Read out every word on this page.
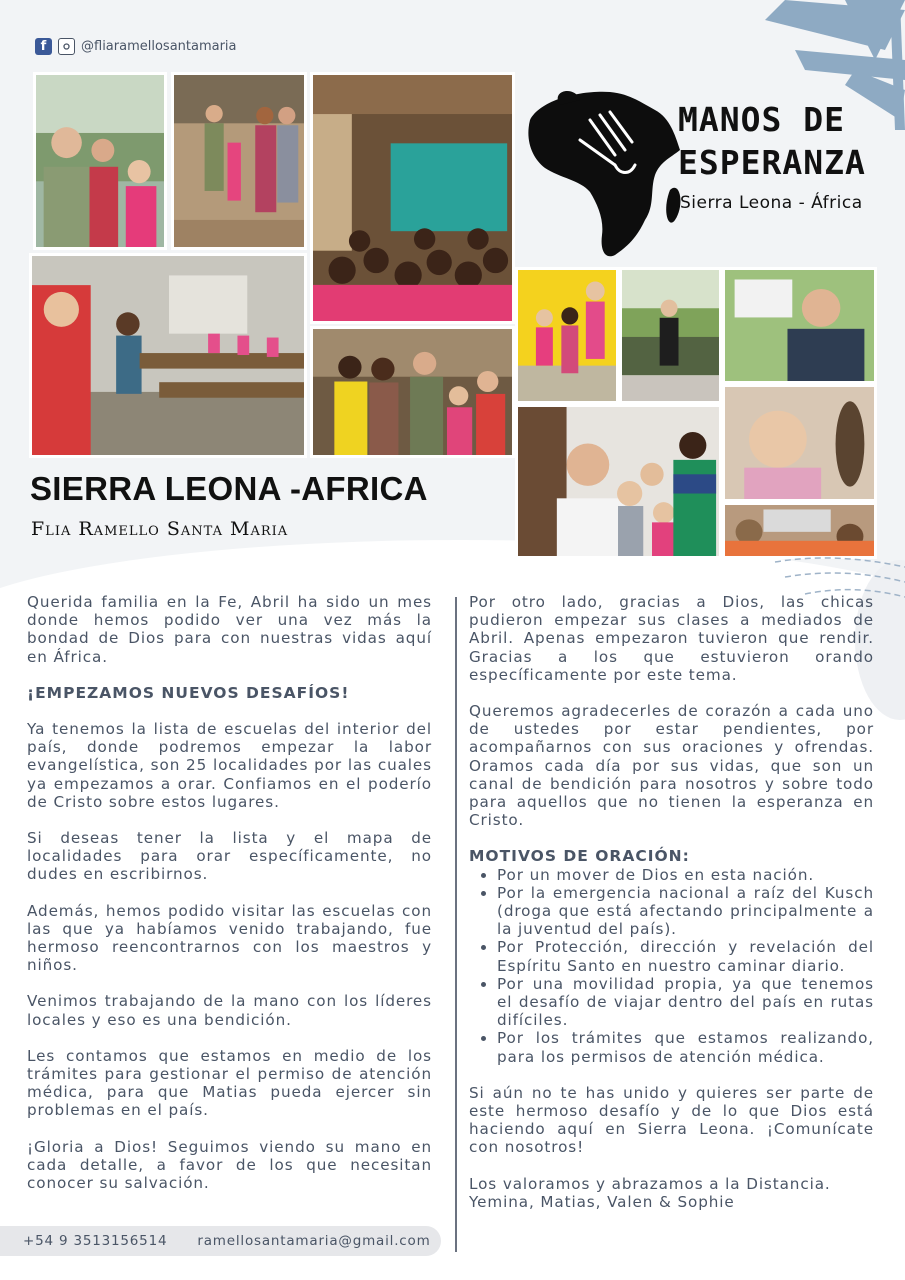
f	@fliaramellosantamaria
MANOS DE
ESPERANZA
Sierra Leona - África
SIERRA LEONA -AFRICA
Flia Ramello Santa Maria

Querida familia en la Fe, Abril ha sido un mes donde hemos podido ver una vez más la bondad de Dios para con nuestras vidas aquí en África.

¡EMPEZAMOS NUEVOS DESAFÍOS!

Ya tenemos la lista de escuelas del interior del país, donde podremos empezar la labor evangelística, son 25 localidades por las cuales ya empezamos a orar. Confiamos en el poderío de Cristo sobre estos lugares.

Si deseas tener la lista y el mapa de localidades para orar específicamente, no dudes en escribirnos.

Además, hemos podido visitar las escuelas con las que ya habíamos venido trabajando, fue hermoso reencontrarnos con los maestros y niños.

Venimos trabajando de la mano con los líderes locales y eso es una bendición.

Les contamos que estamos en medio de los trámites para gestionar el permiso de atención médica, para que Matias pueda ejercer sin problemas en el país.

¡Gloria a Dios! Seguimos viendo su mano en cada detalle, a favor de los que necesitan conocer su salvación.

Por otro lado, gracias a Dios, las chicas pudieron empezar sus clases a mediados de Abril. Apenas empezaron tuvieron que rendir. Gracias a los que estuvieron orando específicamente por este tema.

Queremos agradecerles de corazón a cada uno de ustedes por estar pendientes, por acompañarnos con sus oraciones y ofrendas. Oramos cada día por sus vidas, que son un canal de bendición para nosotros y sobre todo para aquellos que no tienen la esperanza en Cristo.

MOTIVOS DE ORACIÓN:
• Por un mover de Dios en esta nación.
• Por la emergencia nacional a raíz del Kusch (droga que está afectando principalmente a la juventud del país).
• Por Protección, dirección y revelación del Espíritu Santo en nuestro caminar diario.
• Por una movilidad propia, ya que tenemos el desafío de viajar dentro del país en rutas difíciles.
• Por los trámites que estamos realizando, para los permisos de atención médica.

Si aún no te has unido y quieres ser parte de este hermoso desafío y de lo que Dios está haciendo aquí en Sierra Leona. ¡Comunícate con nosotros!

Los valoramos y abrazamos a la Distancia.
Yemina, Matias, Valen & Sophie
+54 9 3513156514 ramellosantamaria@gmail.com
